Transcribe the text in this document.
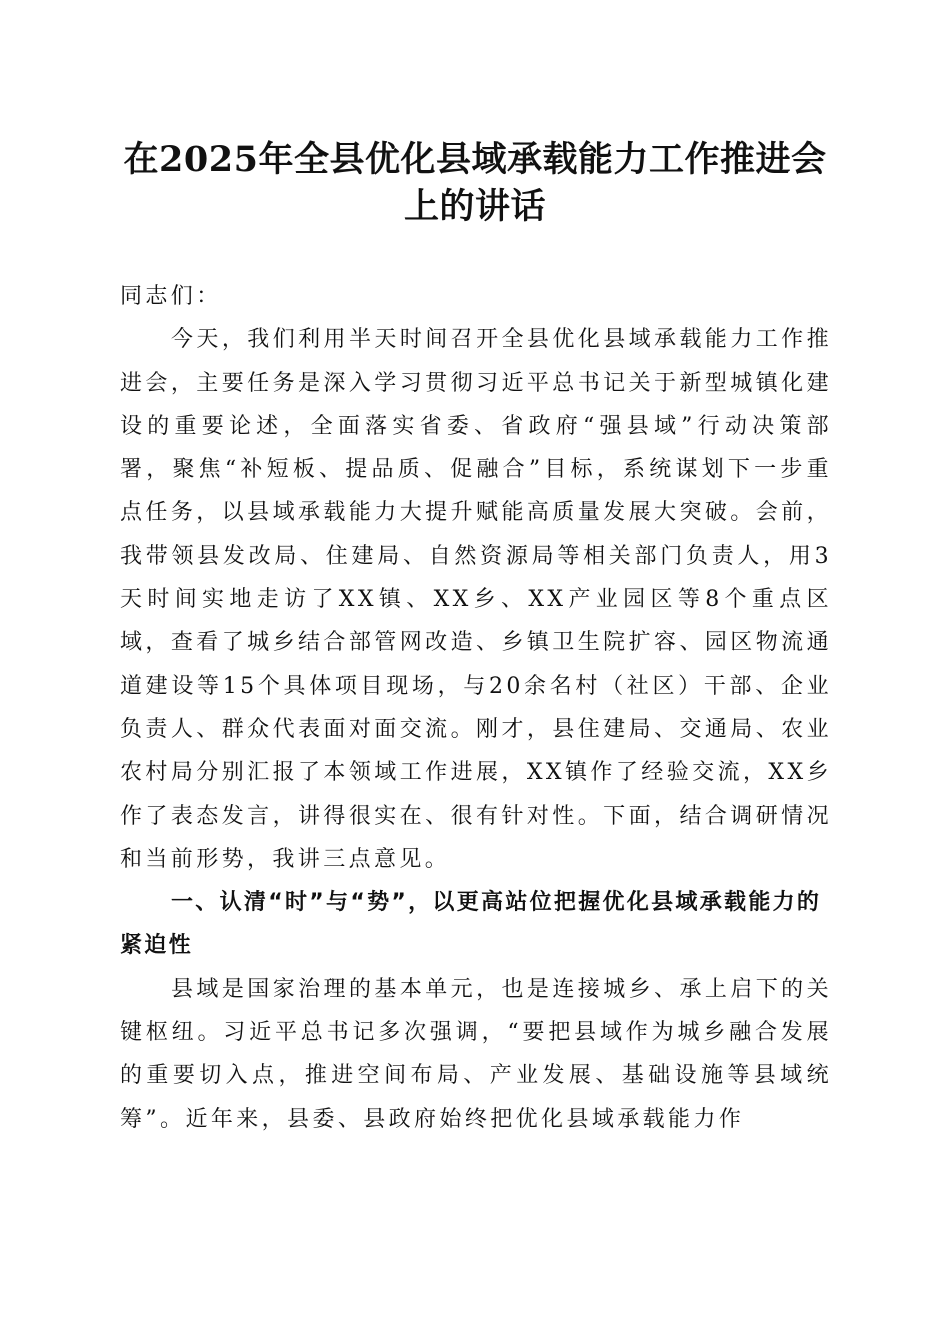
在2025年全县优化县域承载能力工作推进会
上的讲话

同志们：

今天，我们利用半天时间召开全县优化县域承载能力工作推进会，主要任务是深入学习贯彻习近平总书记关于新型城镇化建设的重要论述，全面落实省委、省政府“强县域”行动决策部署，聚焦“补短板、提品质、促融合”目标，系统谋划下一步重点任务，以县域承载能力大提升赋能高质量发展大突破。会前，我带领县发改局、住建局、自然资源局等相关部门负责人，用3天时间实地走访了XX镇、XX乡、XX产业园区等8个重点区域，查看了城乡结合部管网改造、乡镇卫生院扩容、园区物流通道建设等15个具体项目现场，与20余名村（社区）干部、企业负责人、群众代表面对面交流。刚才，县住建局、交通局、农业农村局分别汇报了本领域工作进展，XX镇作了经验交流，XX乡作了表态发言，讲得很实在、很有针对性。下面，结合调研情况和当前形势，我讲三点意见。

一、认清“时”与“势”，以更高站位把握优化县域承载能力的紧迫性

县域是国家治理的基本单元，也是连接城乡、承上启下的关键枢纽。习近平总书记多次强调，“要把县域作为城乡融合发展的重要切入点，推进空间布局、产业发展、基础设施等县域统筹”。近年来，县委、县政府始终把优化县域承载能力作
